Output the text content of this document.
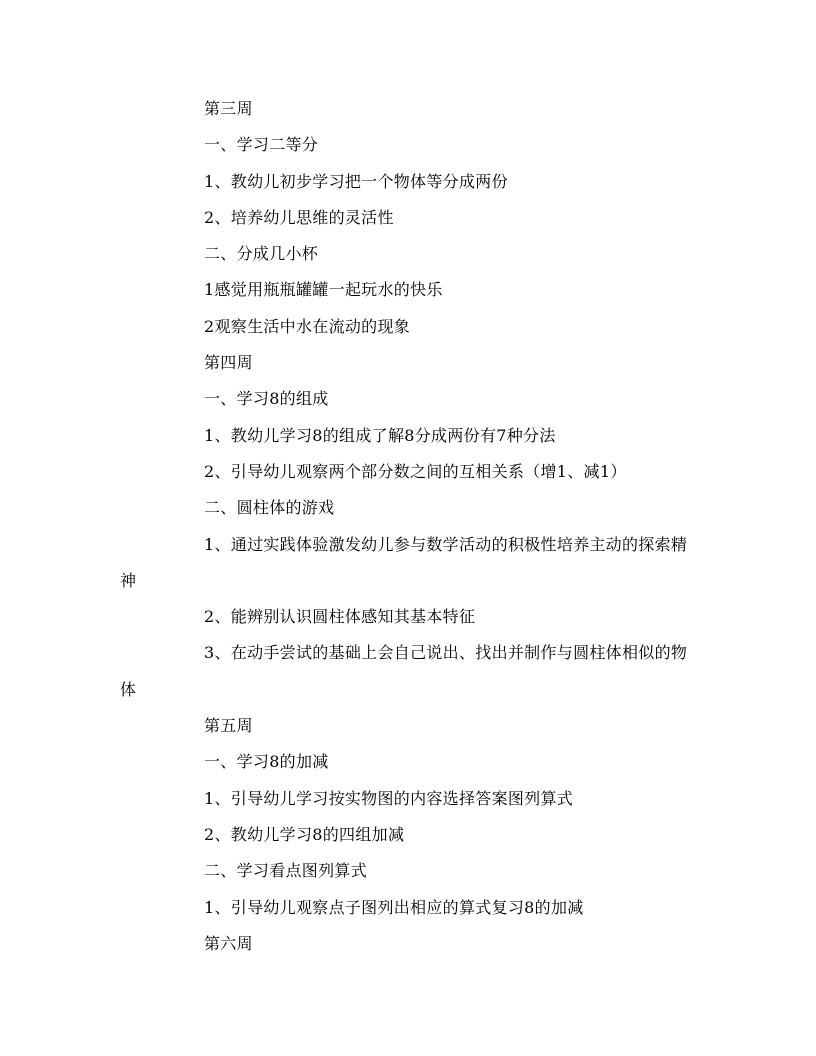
第三周
一、学习二等分
1、教幼儿初步学习把一个物体等分成两份
2、培养幼儿思维的灵活性
二、分成几小杯
1感觉用瓶瓶罐罐一起玩水的快乐
2观察生活中水在流动的现象
第四周
一、学习8的组成
1、教幼儿学习8的组成了解8分成两份有7种分法
2、引导幼儿观察两个部分数之间的互相关系（增1、减1）
二、圆柱体的游戏
1、通过实践体验激发幼儿参与数学活动的积极性培养主动的探索精神
2、能辨别认识圆柱体感知其基本特征
3、在动手尝试的基础上会自己说出、找出并制作与圆柱体相似的物体
第五周
一、学习8的加减
1、引导幼儿学习按实物图的内容选择答案图列算式
2、教幼儿学习8的四组加减
二、学习看点图列算式
1、引导幼儿观察点子图列出相应的算式复习8的加减
第六周
